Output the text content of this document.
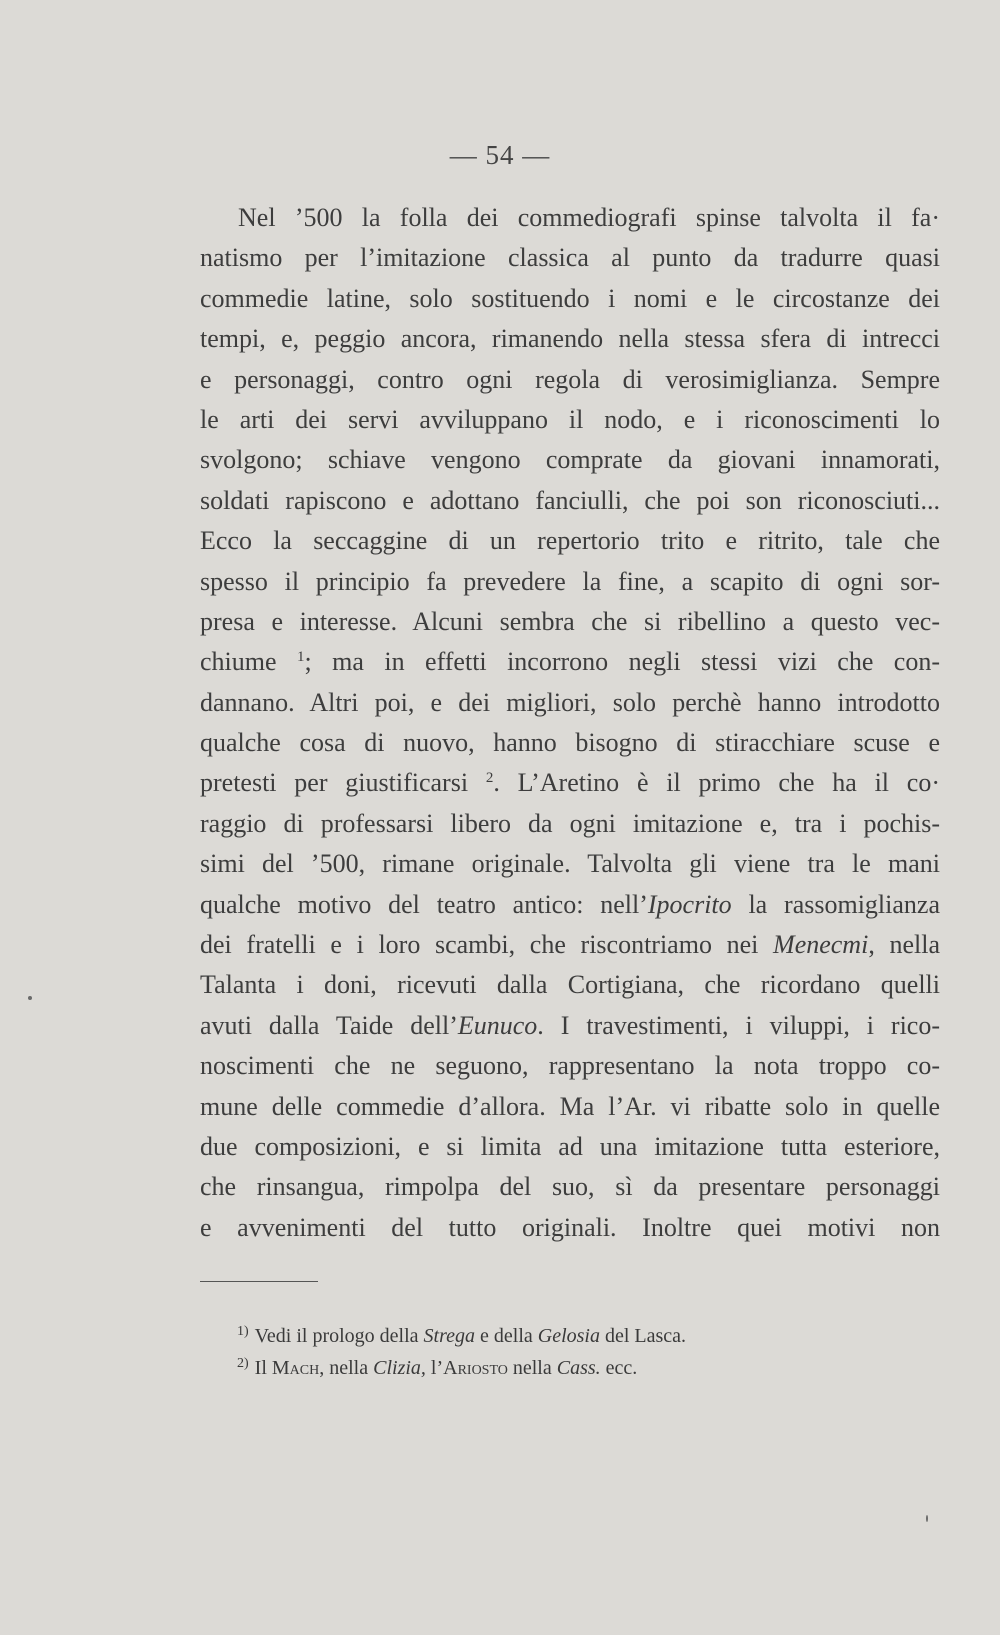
— 54 —
Nel ’500 la folla dei commediografi spinse talvolta il fa·
natismo per l’imitazione classica al punto da tradurre quasi
commedie latine, solo sostituendo i nomi e le circostanze dei
tempi, e, peggio ancora, rimanendo nella stessa sfera di intrecci
e personaggi, contro ogni regola di verosimiglianza. Sempre
le arti dei servi avviluppano il nodo, e i riconoscimenti lo
svolgono; schiave vengono comprate da giovani innamorati,
soldati rapiscono e adottano fanciulli, che poi son riconosciuti...
Ecco la seccaggine di un repertorio trito e ritrito, tale che
spesso il principio fa prevedere la fine, a scapito di ogni sor-
presa e interesse. Alcuni sembra che si ribellino a questo vec-
chiume $^1$; ma in effetti incorrono negli stessi vizi che con-
dannano. Altri poi, e dei migliori, solo perchè hanno introdotto
qualche cosa di nuovo, hanno bisogno di stiracchiare scuse e
pretesti per giustificarsi $^2$. L’Aretino è il primo che ha il co·
raggio di professarsi libero da ogni imitazione e, tra i pochis-
simi del ’500, rimane originale. Talvolta gli viene tra le mani
qualche motivo del teatro antico: nell’Ipocrito la rassomiglianza
dei fratelli e i loro scambi, che riscontriamo nei Menecmi, nella
Talanta i doni, ricevuti dalla Cortigiana, che ricordano quelli
avuti dalla Taide dell’Eunuco. I travestimenti, i viluppi, i rico-
noscimenti che ne seguono, rappresentano la nota troppo co-
mune delle commedie d’allora. Ma l’Ar. vi ribatte solo in quelle
due composizioni, e si limita ad una imitazione tutta esteriore,
che rinsangua, rimpolpa del suo, sì da presentare personaggi
e avvenimenti del tutto originali. Inoltre quei motivi non
$^{1)}$ Vedi il prologo della Strega e della Gelosia del Lasca.
$^{2)}$ Il Mach, nella Clizia, l’Ariosto nella Cass. ecc.
